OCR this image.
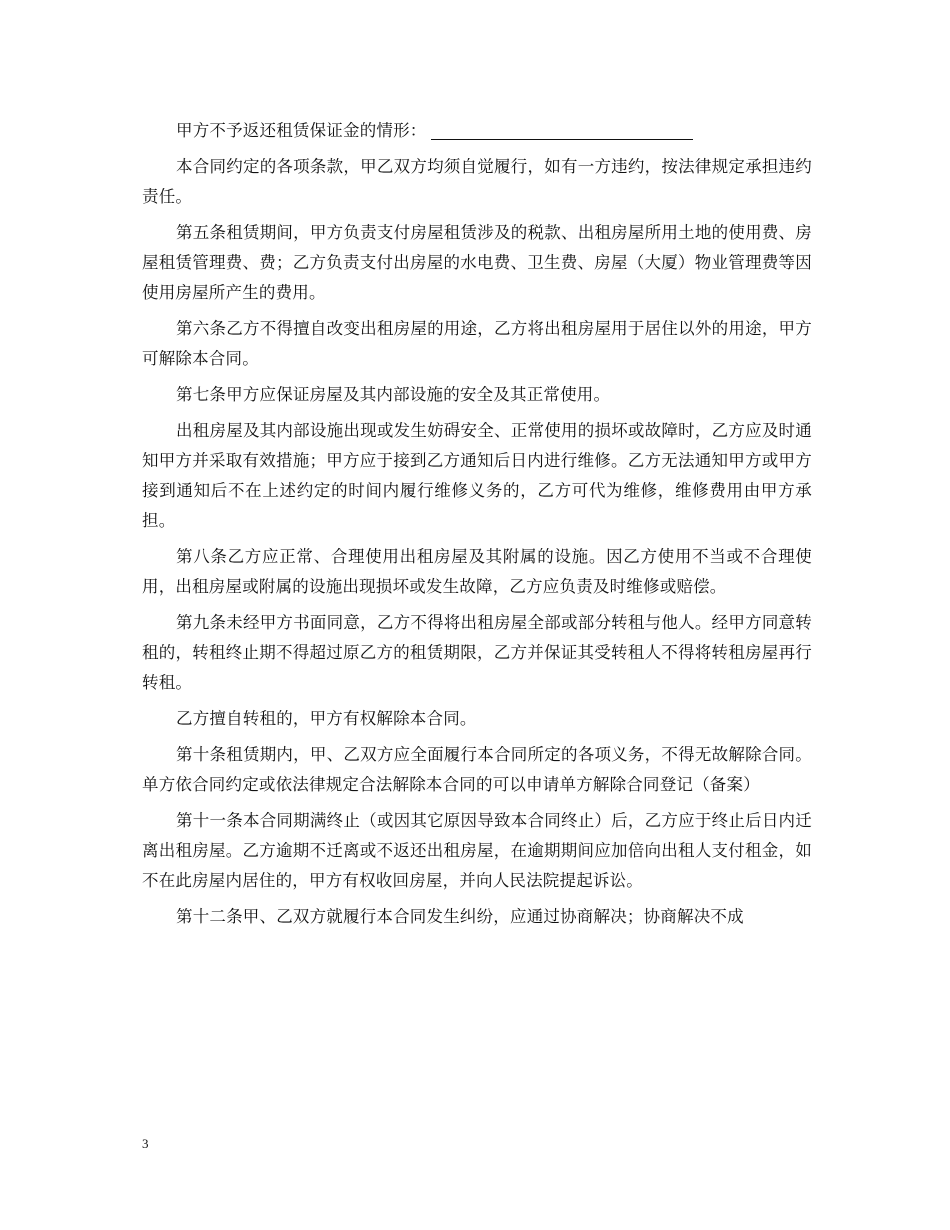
甲方不予返还租赁保证金的情形：

本合同约定的各项条款，甲乙双方均须自觉履行，如有一方违约，按法律规定承担违约责任。

第五条租赁期间，甲方负责支付房屋租赁涉及的税款、出租房屋所用土地的使用费、房屋租赁管理费、费；乙方负责支付出房屋的水电费、卫生费、房屋（大厦）物业管理费等因使用房屋所产生的费用。

第六条乙方不得擅自改变出租房屋的用途，乙方将出租房屋用于居住以外的用途，甲方可解除本合同。

第七条甲方应保证房屋及其内部设施的安全及其正常使用。

出租房屋及其内部设施出现或发生妨碍安全、正常使用的损坏或故障时，乙方应及时通知甲方并采取有效措施；甲方应于接到乙方通知后日内进行维修。乙方无法通知甲方或甲方接到通知后不在上述约定的时间内履行维修义务的，乙方可代为维修，维修费用由甲方承担。

第八条乙方应正常、合理使用出租房屋及其附属的设施。因乙方使用不当或不合理使用，出租房屋或附属的设施出现损坏或发生故障，乙方应负责及时维修或赔偿。

第九条未经甲方书面同意，乙方不得将出租房屋全部或部分转租与他人。经甲方同意转租的，转租终止期不得超过原乙方的租赁期限，乙方并保证其受转租人不得将转租房屋再行转租。

乙方擅自转租的，甲方有权解除本合同。

第十条租赁期内，甲、乙双方应全面履行本合同所定的各项义务，不得无故解除合同。单方依合同约定或依法律规定合法解除本合同的可以申请单方解除合同登记（备案）

第十一条本合同期满终止（或因其它原因导致本合同终止）后，乙方应于终止后日内迁离出租房屋。乙方逾期不迁离或不返还出租房屋，在逾期期间应加倍向出租人支付租金，如不在此房屋内居住的，甲方有权收回房屋，并向人民法院提起诉讼。

第十二条甲、乙双方就履行本合同发生纠纷，应通过协商解决；协商解决不成

3
